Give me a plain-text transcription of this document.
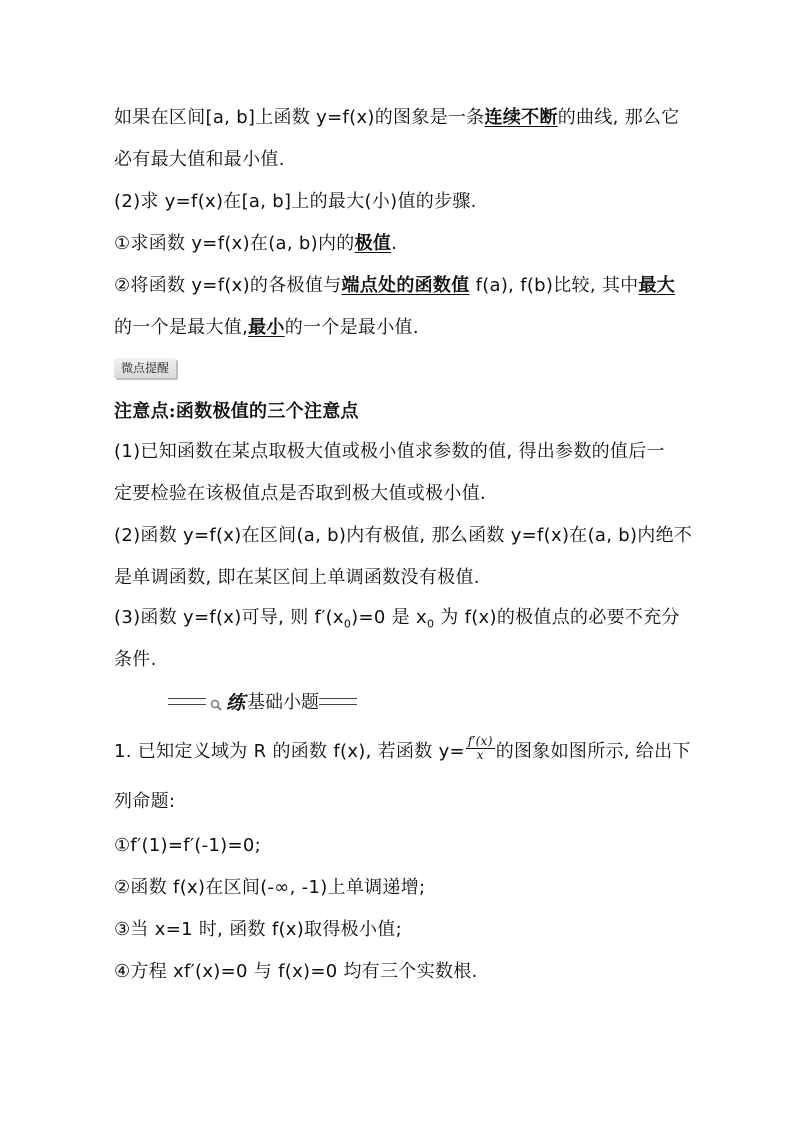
如果在区间[a, b]上函数 y=f(x)的图象是一条连续不断的曲线, 那么它
必有最大值和最小值.
(2)求 y=f(x)在[a, b]上的最大(小)值的步骤.
①求函数 y=f(x)在(a, b)内的极值.
②将函数 y=f(x)的各极值与端点处的函数值 f(a), f(b)比较, 其中最大
的一个是最大值,最小的一个是最小值.
微点提醒
注意点:函数极值的三个注意点
(1)已知函数在某点取极大值或极小值求参数的值, 得出参数的值后一
定要检验在该极值点是否取到极大值或极小值.
(2)函数 y=f(x)在区间(a, b)内有极值, 那么函数 y=f(x)在(a, b)内绝不
是单调函数, 即在某区间上单调函数没有极值.
(3)函数 y=f(x)可导, 则 $f'(x_0)=0$ 是 $x_0$ 为 f(x)的极值点的必要不充分
条件.
练 基础小题
1. 已知定义域为 R 的函数 f(x), 若函数 $y= \frac{f'(x)}{x}$ 的图象如图所示, 给出下
列命题:
①f′(1)=f′(-1)=0;
②函数 f(x)在区间(-∞, -1)上单调递增;
③当 x=1 时, 函数 f(x)取得极小值;
④方程 xf′(x)=0 与 f(x)=0 均有三个实数根.
